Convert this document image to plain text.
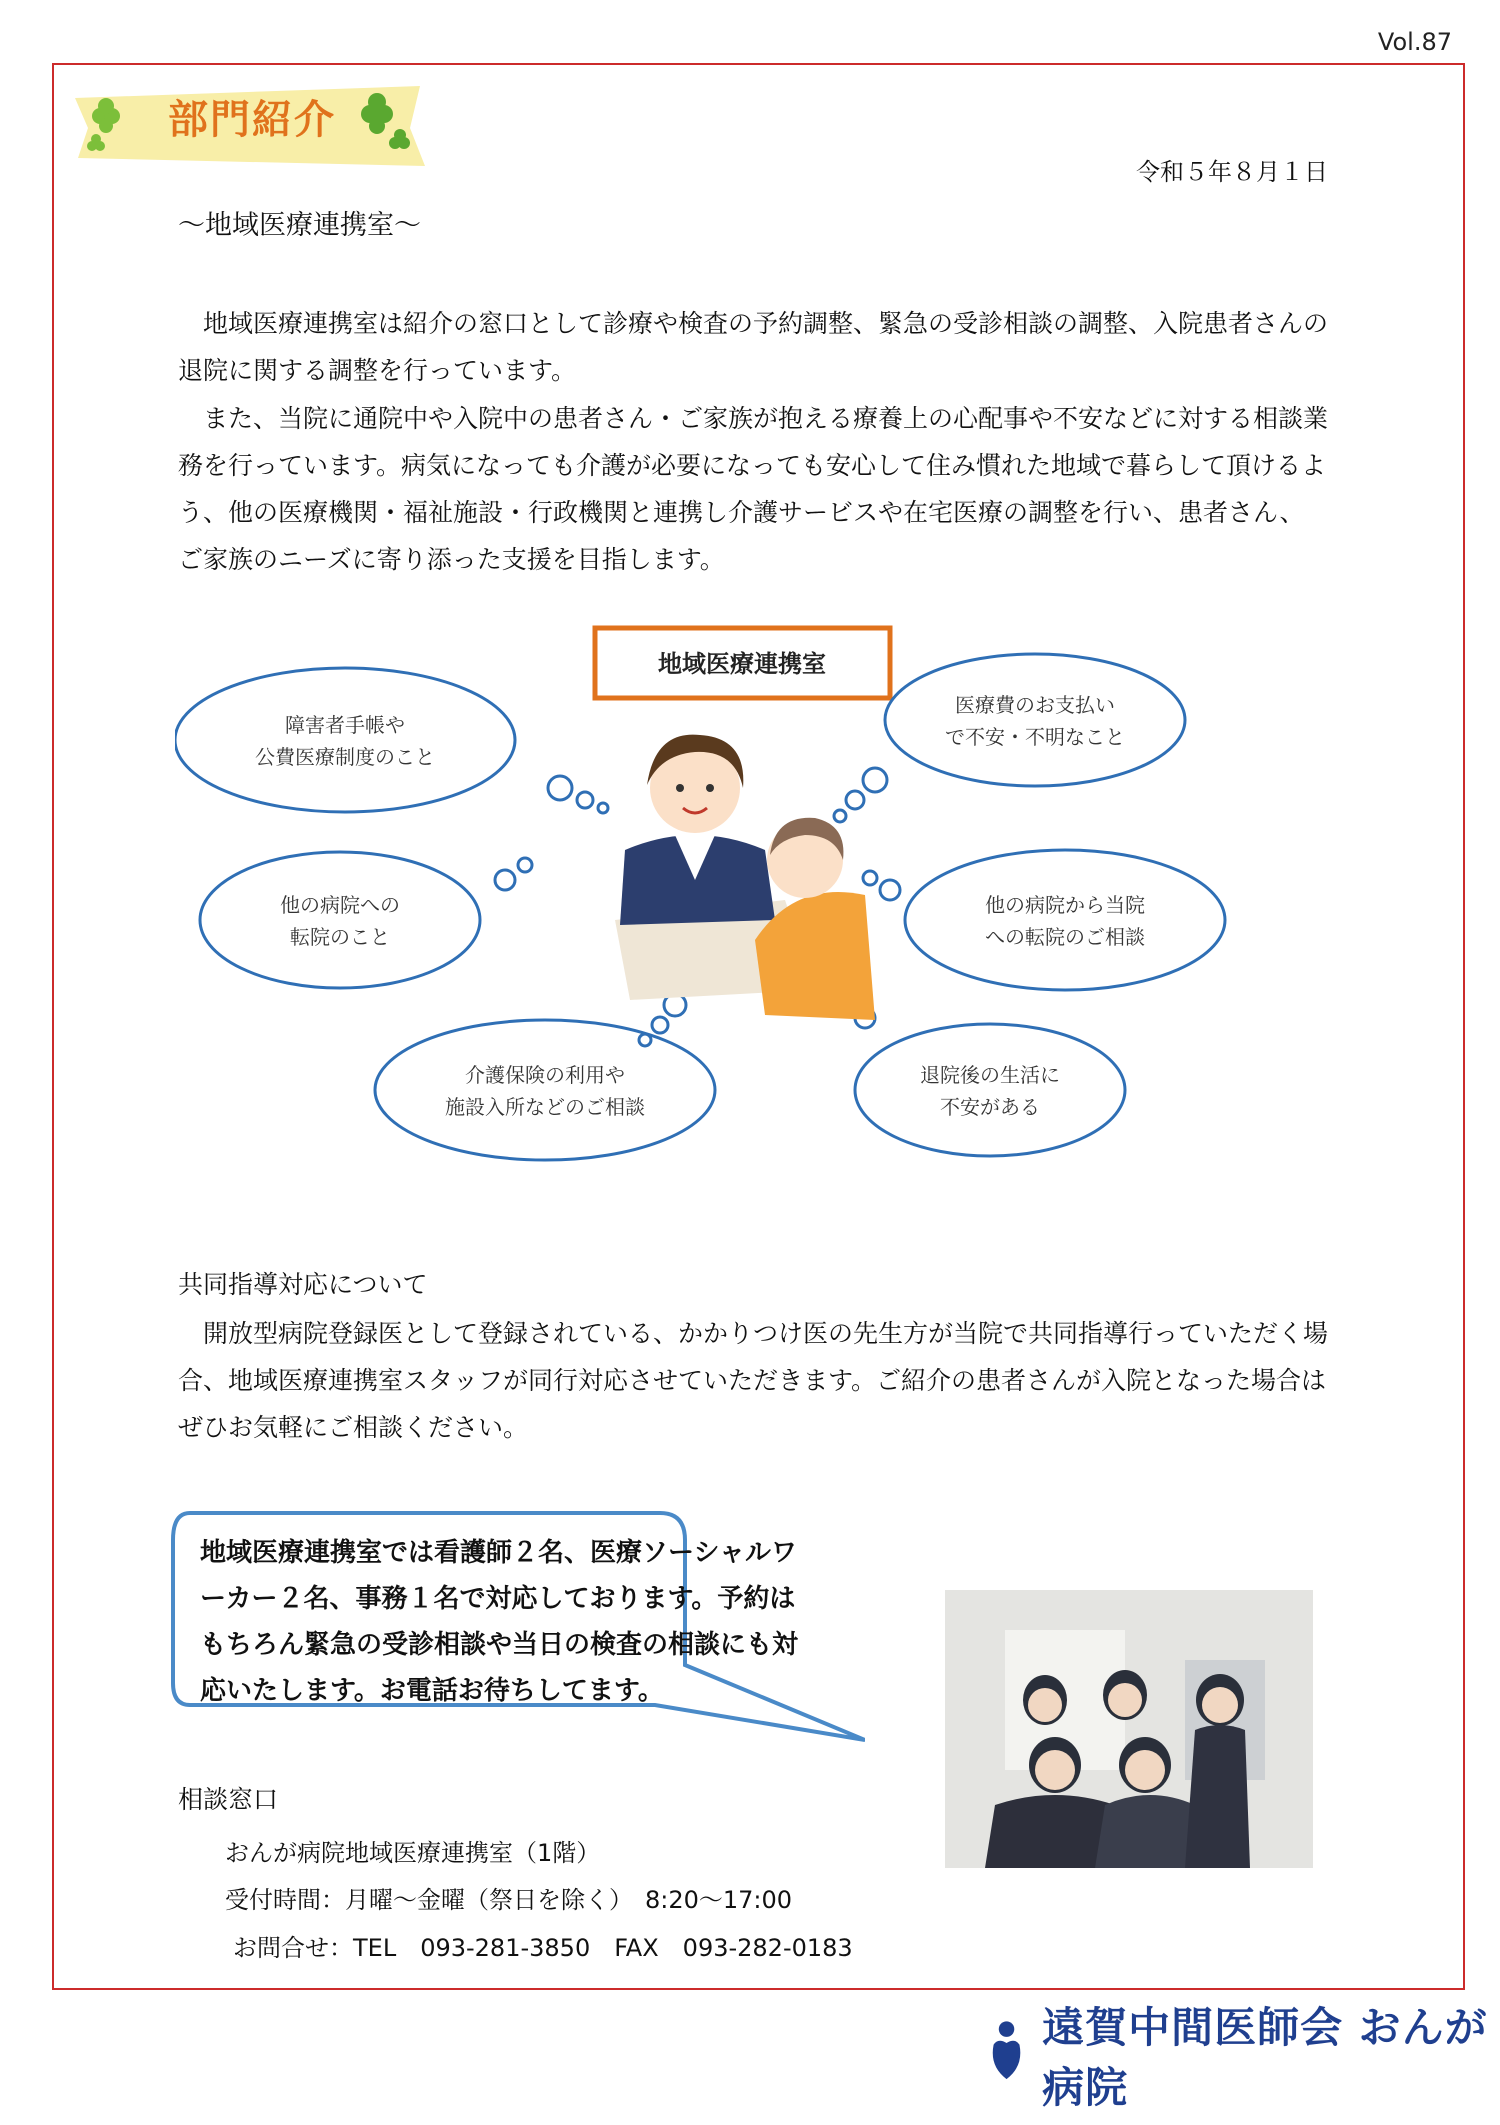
Vol.87
部門紹介
令和５年８月１日
～地域医療連携室～

　地域医療連携室は紹介の窓口として診療や検査の予約調整、緊急の受診相談の調整、入院患者さんの退院に関する調整を行っています。

　また、当院に通院中や入院中の患者さん・ご家族が抱える療養上の心配事や不安などに対する相談業務を行っています。病気になっても介護が必要になっても安心して住み慣れた地域で暮らして頂けるよう、他の医療機関・福祉施設・行政機関と連携し介護サービスや在宅医療の調整を行い、患者さん、ご家族のニーズに寄り添った支援を目指します。

地域医療連携室
障害者手帳や
公費医療制度のこと
医療費のお支払い
で不安・不明なこと
他の病院への
転院のこと
他の病院から当院
への転院のご相談
介護保険の利用や
施設入所などのご相談
退院後の生活に
不安がある
共同指導対応について

　開放型病院登録医として登録されている、かかりつけ医の先生方が当院で共同指導行っていただく場合、地域医療連携室スタッフが同行対応させていただきます。ご紹介の患者さんが入院となった場合はぜひお気軽にご相談ください。

地域医療連携室では看護師２名、医療ソーシャルワーカー２名、事務１名で対応しております。予約はもちろん緊急の受診相談や当日の検査の相談にも対応いたします。お電話お待ちしてます。

相談窓口
おんが病院地域医療連携室（1階）
受付時間：月曜～金曜（祭日を除く）　8:20～17:00
お問合せ：TEL　093-281-3850　FAX　093-282-0183
遠賀中間医師会 おんが病院
